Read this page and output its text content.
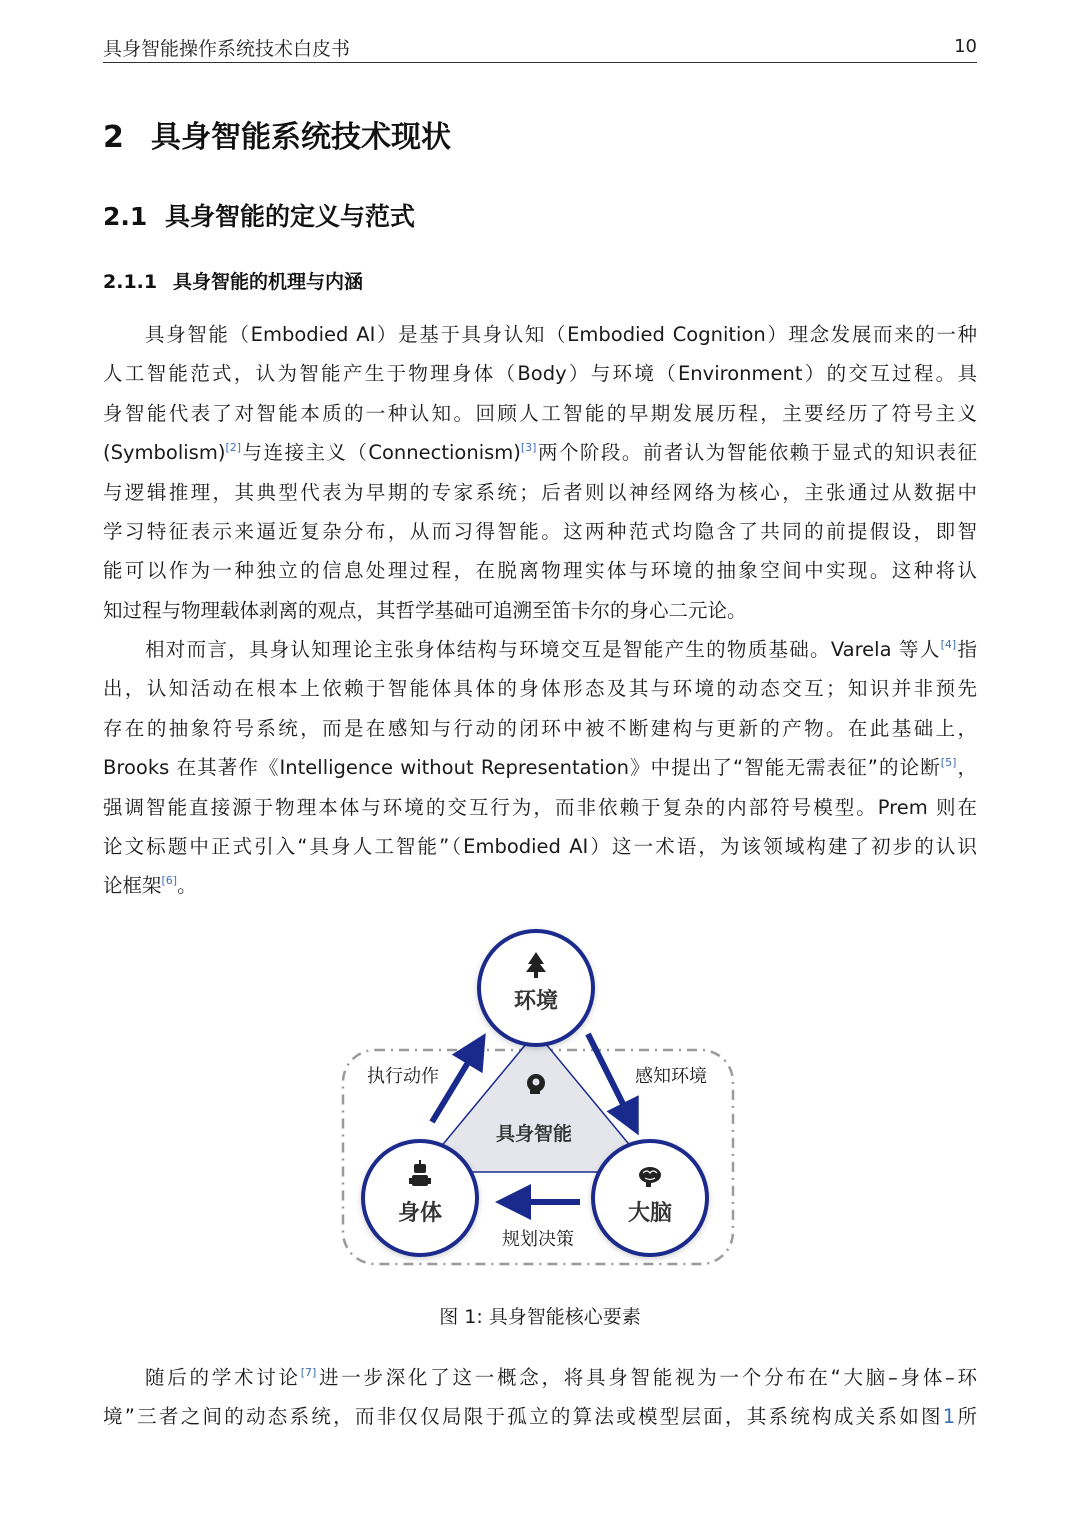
具身智能操作系统技术白皮书	10
2 具身智能系统技术现状
2.1 具身智能的定义与范式
2.1.1 具身智能的机理与内涵
具身智能（Embodied AI）是基于具身认知（Embodied Cognition）理念发展而来的一种
人工智能范式，认为智能产生于物理身体（Body）与环境（Environment）的交互过程。具
身智能代表了对智能本质的一种认知。回顾人工智能的早期发展历程，主要经历了符号主义
(Symbolism)[2]与连接主义（Connectionism)[3]两个阶段。前者认为智能依赖于显式的知识表征
与逻辑推理，其典型代表为早期的专家系统；后者则以神经网络为核心，主张通过从数据中
学习特征表示来逼近复杂分布，从而习得智能。这两种范式均隐含了共同的前提假设，即智
能可以作为一种独立的信息处理过程，在脱离物理实体与环境的抽象空间中实现。这种将认
知过程与物理载体剥离的观点，其哲学基础可追溯至笛卡尔的身心二元论。
相对而言，具身认知理论主张身体结构与环境交互是智能产生的物质基础。Varela 等人[4]指
出，认知活动在根本上依赖于智能体具体的身体形态及其与环境的动态交互；知识并非预先
存在的抽象符号系统，而是在感知与行动的闭环中被不断建构与更新的产物。在此基础上，
Brooks 在其著作《Intelligence without Representation》中提出了“智能无需表征”的论断[5]，
强调智能直接源于物理本体与环境的交互行为，而非依赖于复杂的内部符号模型。Prem 则在
论文标题中正式引入“具身人工智能”（Embodied AI）这一术语，为该领域构建了初步的认识
论框架[6]。
执行动作	感知环境
规划决策
具身智能
环境
身体	大脑
图 1: 具身智能核心要素
随后的学术讨论[7]进一步深化了这一概念，将具身智能视为一个分布在“大脑–身体–环
境”三者之间的动态系统，而非仅仅局限于孤立的算法或模型层面，其系统构成关系如图1所
